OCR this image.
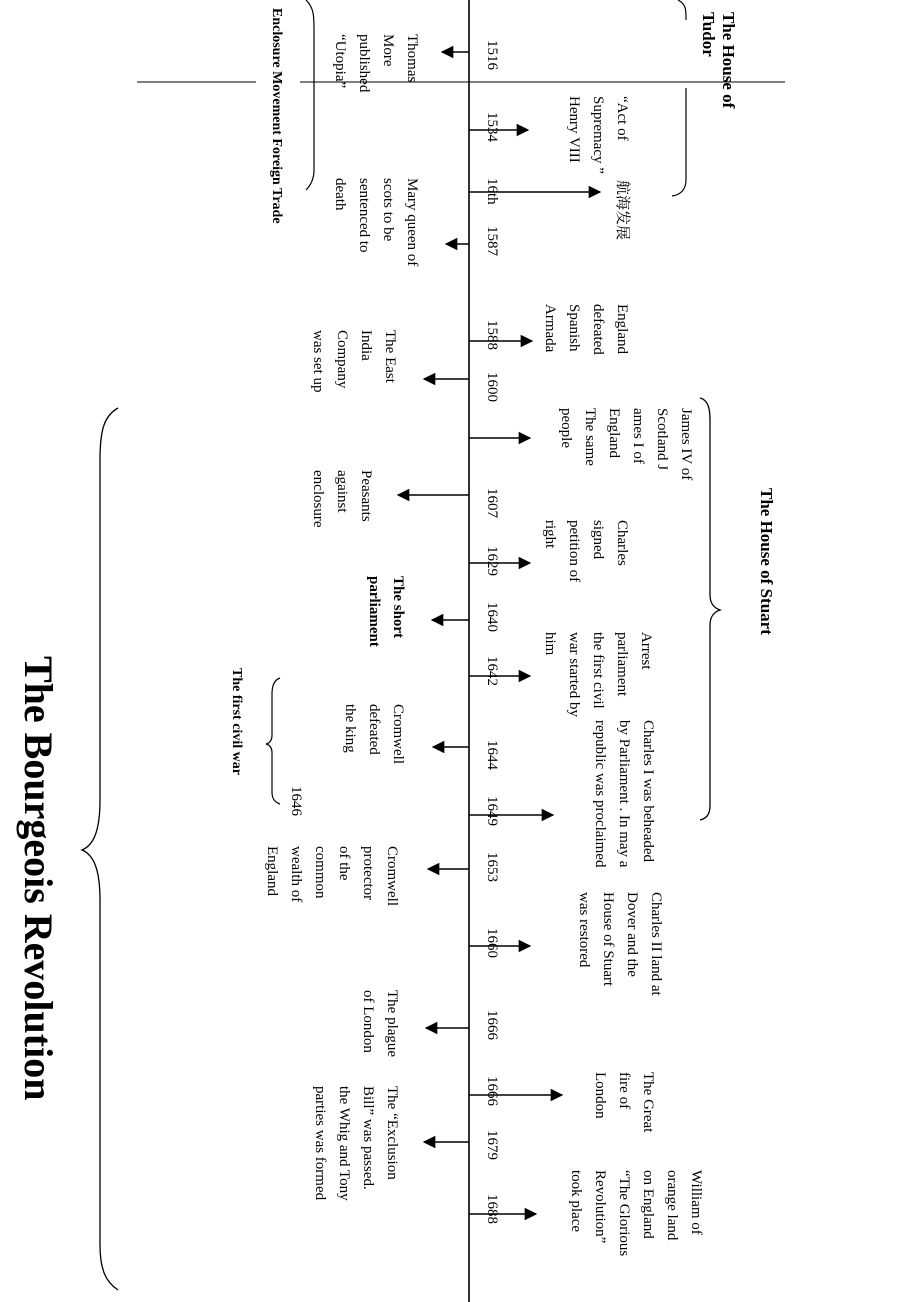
The Bourgeois Revolution
The House of Tudor
The House of Stuart
Enclosure Movement Foreign Trade
The first civil war
1516
1534
16th
1587
1588
1600
1607
1629
1640
1642
1644
1649
1653
1660
1666
1666
1679
1688
1646
Thomas More published “Utopia”
Mary queen of scots to be sentenced to death
The East India Company was set up
Peasants against enclosure
The short parliament
Cromwell defeated the king
Cromwell protector of the common wealth of England
The plague of London
The “Exclusion Bill” was passed. the Whig and Tony parties was formed
“Act of Supremacy ” Henry VIII
航海发展
England defeated Spanish Armada
James IV of Scotland J ames I of England The same people
Charles signed petition of right
Arrest parliament the first civil war started by him
Charles I was beheaded by Parliament . In may a republic was proclaimed
Charles II land at Dover and the House of Stuart was restored
The Great fire of London
William of orange land on England “The Glorious Revolution” took place
